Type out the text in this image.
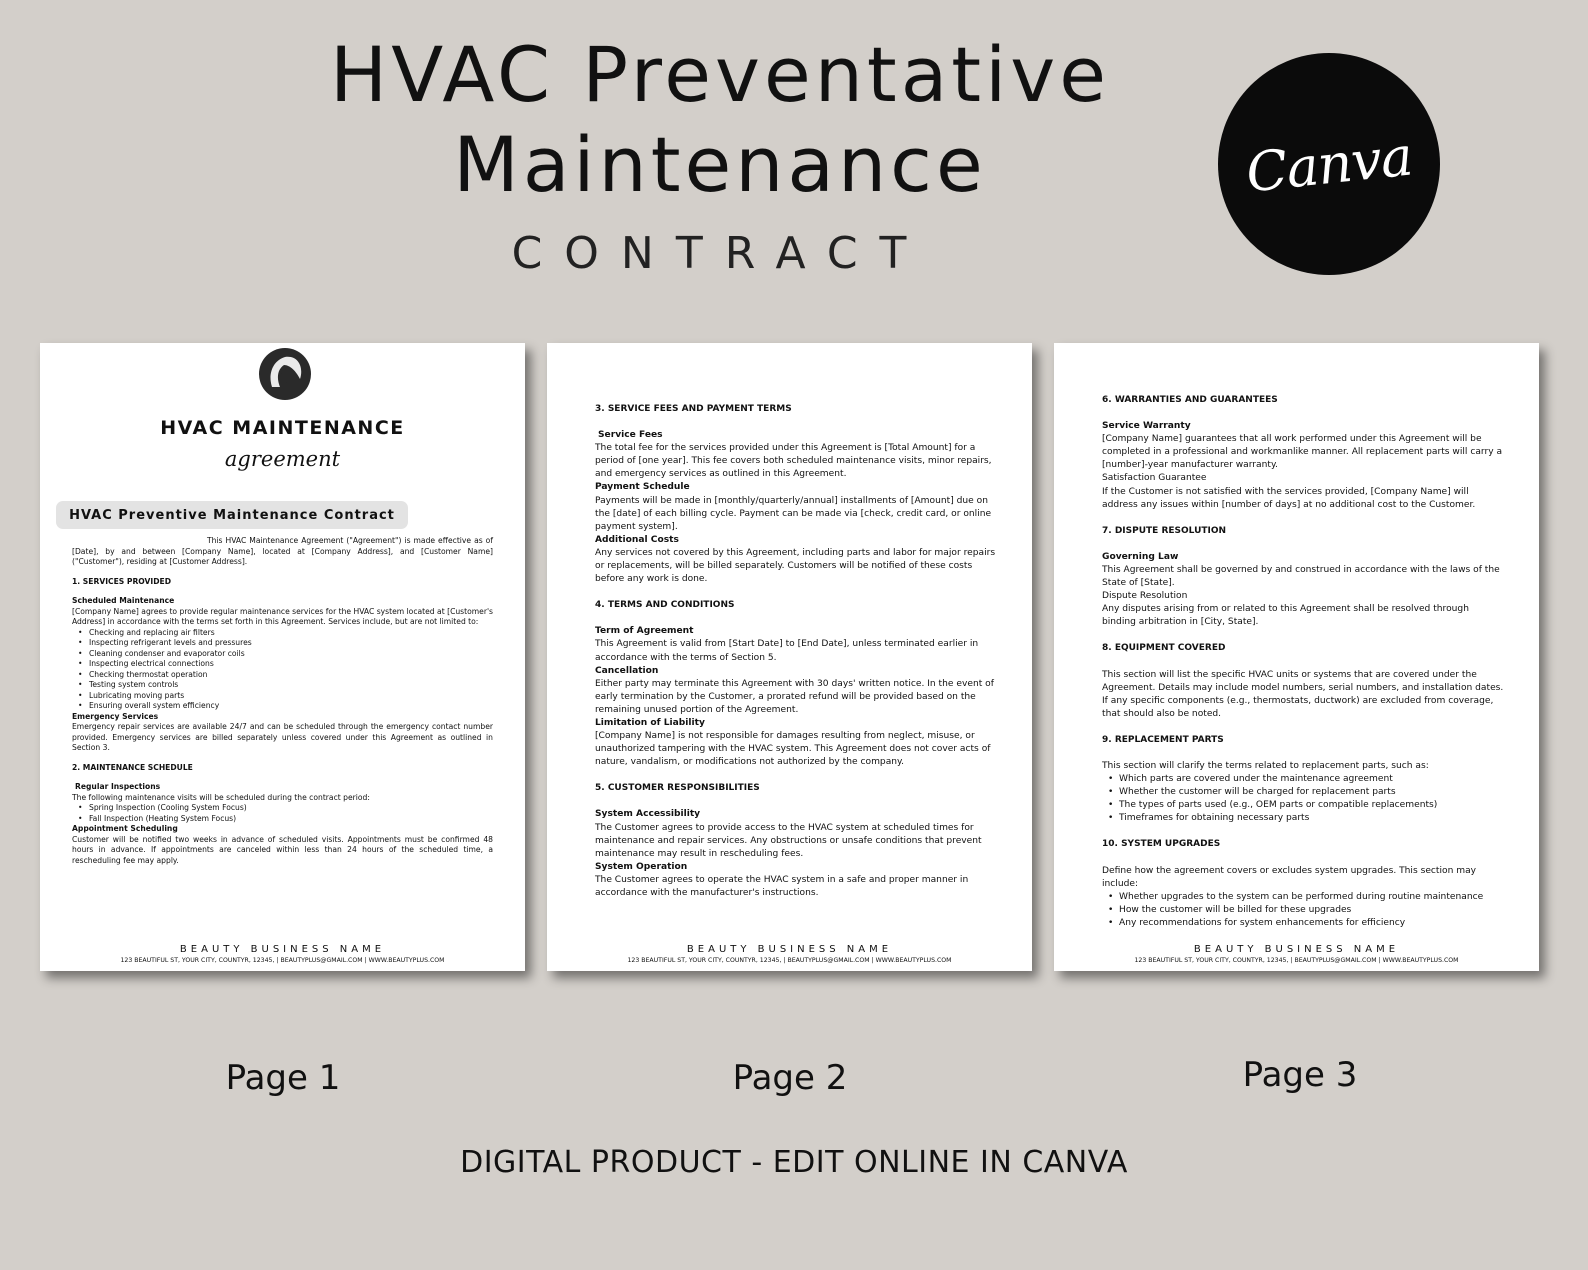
HVAC Preventative
Maintenance
CONTRACT
Canva
HVAC MAINTENANCE
agreement
HVAC Preventive Maintenance Contract
This HVAC Maintenance Agreement ("Agreement") is made effective as of [Date], by and between [Company Name], located at [Company Address], and [Customer Name] ("Customer"), residing at [Customer Address].
1. SERVICES PROVIDED
Scheduled Maintenance
[Company Name] agrees to provide regular maintenance services for the HVAC system located at [Customer's Address] in accordance with the terms set forth in this Agreement. Services include, but are not limited to:
• Checking and replacing air filters
• Inspecting refrigerant levels and pressures
• Cleaning condenser and evaporator coils
• Inspecting electrical connections
• Checking thermostat operation
• Testing system controls
• Lubricating moving parts
• Ensuring overall system efficiency
Emergency Services
Emergency repair services are available 24/7 and can be scheduled through the emergency contact number provided. Emergency services are billed separately unless covered under this Agreement as outlined in Section 3.
2. MAINTENANCE SCHEDULE
Regular Inspections
The following maintenance visits will be scheduled during the contract period:
• Spring Inspection (Cooling System Focus)
• Fall Inspection (Heating System Focus)
Appointment Scheduling
Customer will be notified two weeks in advance of scheduled visits. Appointments must be confirmed 48 hours in advance. If appointments are canceled within less than 24 hours of the scheduled time, a rescheduling fee may apply.
BEAUTY BUSINESS NAME
123 BEAUTIFUL ST, YOUR CITY, COUNTYR, 12345, | BEAUTYPLUS@GMAIL.COM | WWW.BEAUTYPLUS.COM
3. SERVICE FEES AND PAYMENT TERMS
Service Fees
The total fee for the services provided under this Agreement is [Total Amount] for a period of [one year]. This fee covers both scheduled maintenance visits, minor repairs, and emergency services as outlined in this Agreement.
Payment Schedule
Payments will be made in [monthly/quarterly/annual] installments of [Amount] due on the [date] of each billing cycle. Payment can be made via [check, credit card, or online payment system].
Additional Costs
Any services not covered by this Agreement, including parts and labor for major repairs or replacements, will be billed separately. Customers will be notified of these costs before any work is done.
4. TERMS AND CONDITIONS
Term of Agreement
This Agreement is valid from [Start Date] to [End Date], unless terminated earlier in accordance with the terms of Section 5.
Cancellation
Either party may terminate this Agreement with 30 days' written notice. In the event of early termination by the Customer, a prorated refund will be provided based on the remaining unused portion of the Agreement.
Limitation of Liability
[Company Name] is not responsible for damages resulting from neglect, misuse, or unauthorized tampering with the HVAC system. This Agreement does not cover acts of nature, vandalism, or modifications not authorized by the company.
5. CUSTOMER RESPONSIBILITIES
System Accessibility
The Customer agrees to provide access to the HVAC system at scheduled times for maintenance and repair services. Any obstructions or unsafe conditions that prevent maintenance may result in rescheduling fees.
System Operation
The Customer agrees to operate the HVAC system in a safe and proper manner in accordance with the manufacturer's instructions.
BEAUTY BUSINESS NAME
123 BEAUTIFUL ST, YOUR CITY, COUNTYR, 12345, | BEAUTYPLUS@GMAIL.COM | WWW.BEAUTYPLUS.COM
6. WARRANTIES AND GUARANTEES
Service Warranty
[Company Name] guarantees that all work performed under this Agreement will be completed in a professional and workmanlike manner. All replacement parts will carry a [number]-year manufacturer warranty.
Satisfaction Guarantee
If the Customer is not satisfied with the services provided, [Company Name] will address any issues within [number of days] at no additional cost to the Customer.
7. DISPUTE RESOLUTION
Governing Law
This Agreement shall be governed by and construed in accordance with the laws of the State of [State].
Dispute Resolution
Any disputes arising from or related to this Agreement shall be resolved through binding arbitration in [City, State].
8. EQUIPMENT COVERED
This section will list the specific HVAC units or systems that are covered under the Agreement. Details may include model numbers, serial numbers, and installation dates. If any specific components (e.g., thermostats, ductwork) are excluded from coverage, that should also be noted.
9. REPLACEMENT PARTS
This section will clarify the terms related to replacement parts, such as:
• Which parts are covered under the maintenance agreement
• Whether the customer will be charged for replacement parts
• The types of parts used (e.g., OEM parts or compatible replacements)
• Timeframes for obtaining necessary parts
10. SYSTEM UPGRADES
Define how the agreement covers or excludes system upgrades. This section may include:
• Whether upgrades to the system can be performed during routine maintenance
• How the customer will be billed for these upgrades
• Any recommendations for system enhancements for efficiency
BEAUTY BUSINESS NAME
123 BEAUTIFUL ST, YOUR CITY, COUNTYR, 12345, | BEAUTYPLUS@GMAIL.COM | WWW.BEAUTYPLUS.COM
Page 1	Page 2	Page 3
DIGITAL PRODUCT - EDIT ONLINE IN CANVA
